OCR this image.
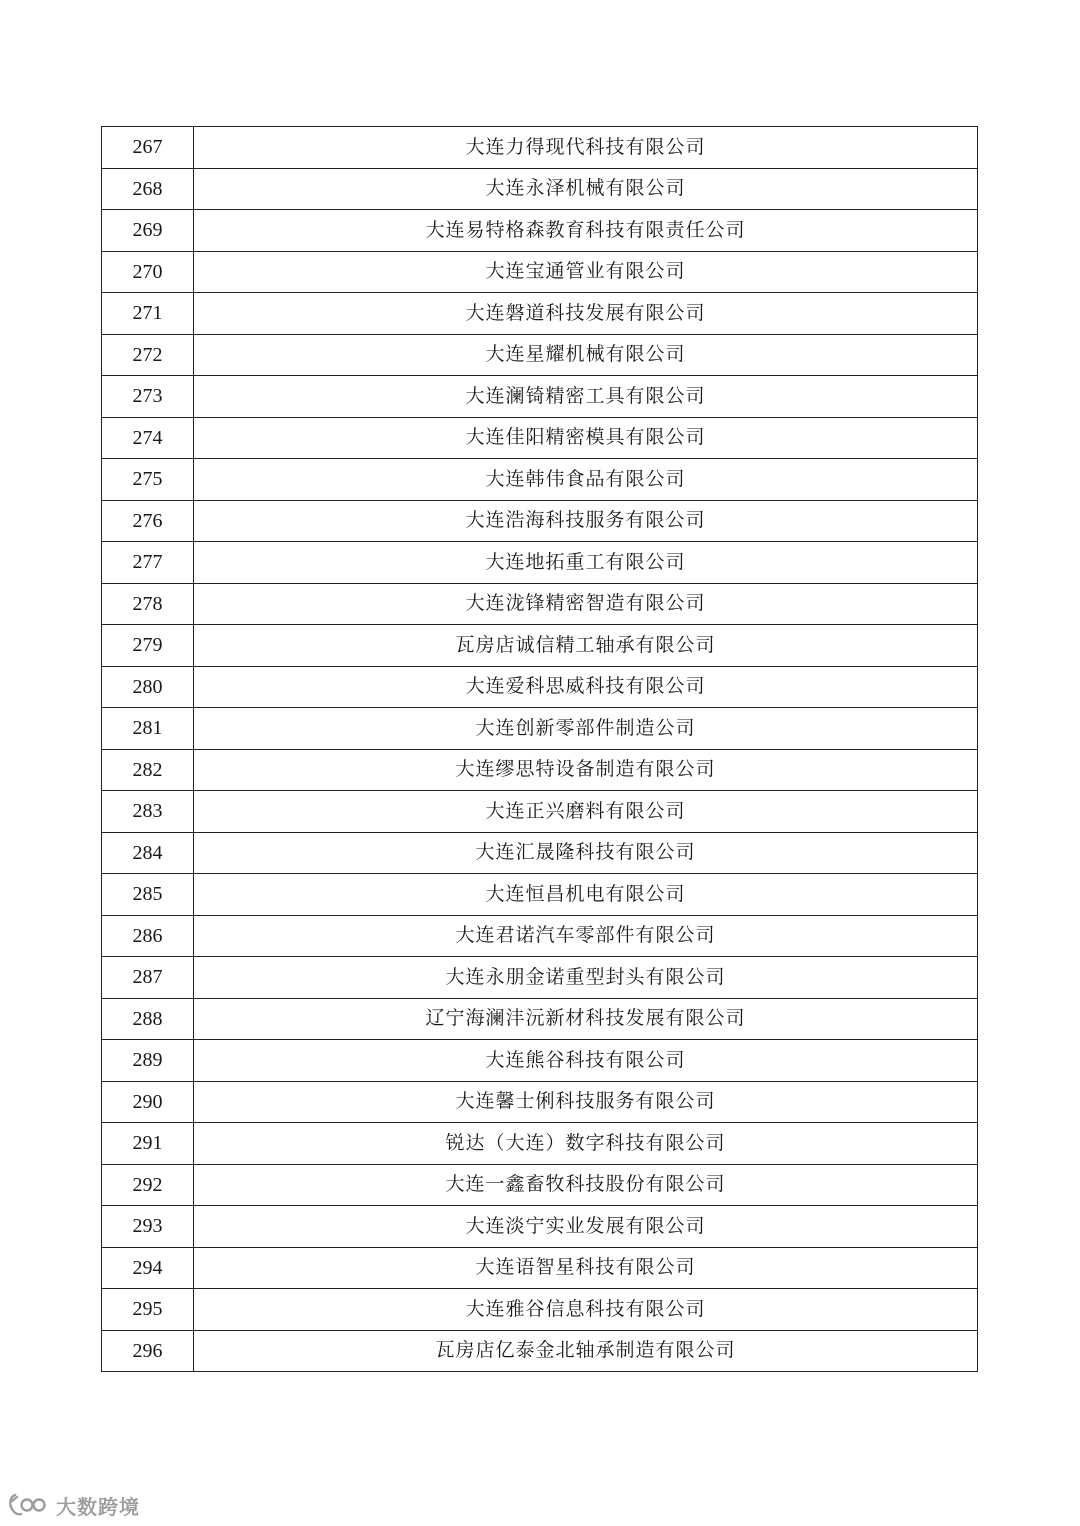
267	大连力得现代科技有限公司
268	大连永泽机械有限公司
269	大连易特格森教育科技有限责任公司
270	大连宝通管业有限公司
271	大连磐道科技发展有限公司
272	大连星耀机械有限公司
273	大连澜锜精密工具有限公司
274	大连佳阳精密模具有限公司
275	大连韩伟食品有限公司
276	大连浩海科技服务有限公司
277	大连地拓重工有限公司
278	大连泷锋精密智造有限公司
279	瓦房店诚信精工轴承有限公司
280	大连爱科思威科技有限公司
281	大连创新零部件制造公司
282	大连缪思特设备制造有限公司
283	大连正兴磨料有限公司
284	大连汇晟隆科技有限公司
285	大连恒昌机电有限公司
286	大连君诺汽车零部件有限公司
287	大连永朋金诺重型封头有限公司
288	辽宁海澜沣沅新材科技发展有限公司
289	大连熊谷科技有限公司
290	大连馨士俐科技服务有限公司
291	锐达（大连）数字科技有限公司
292	大连一鑫畜牧科技股份有限公司
293	大连淡宁实业发展有限公司
294	大连语智星科技有限公司
295	大连雅谷信息科技有限公司
296	瓦房店亿泰金北轴承制造有限公司
大数跨境
